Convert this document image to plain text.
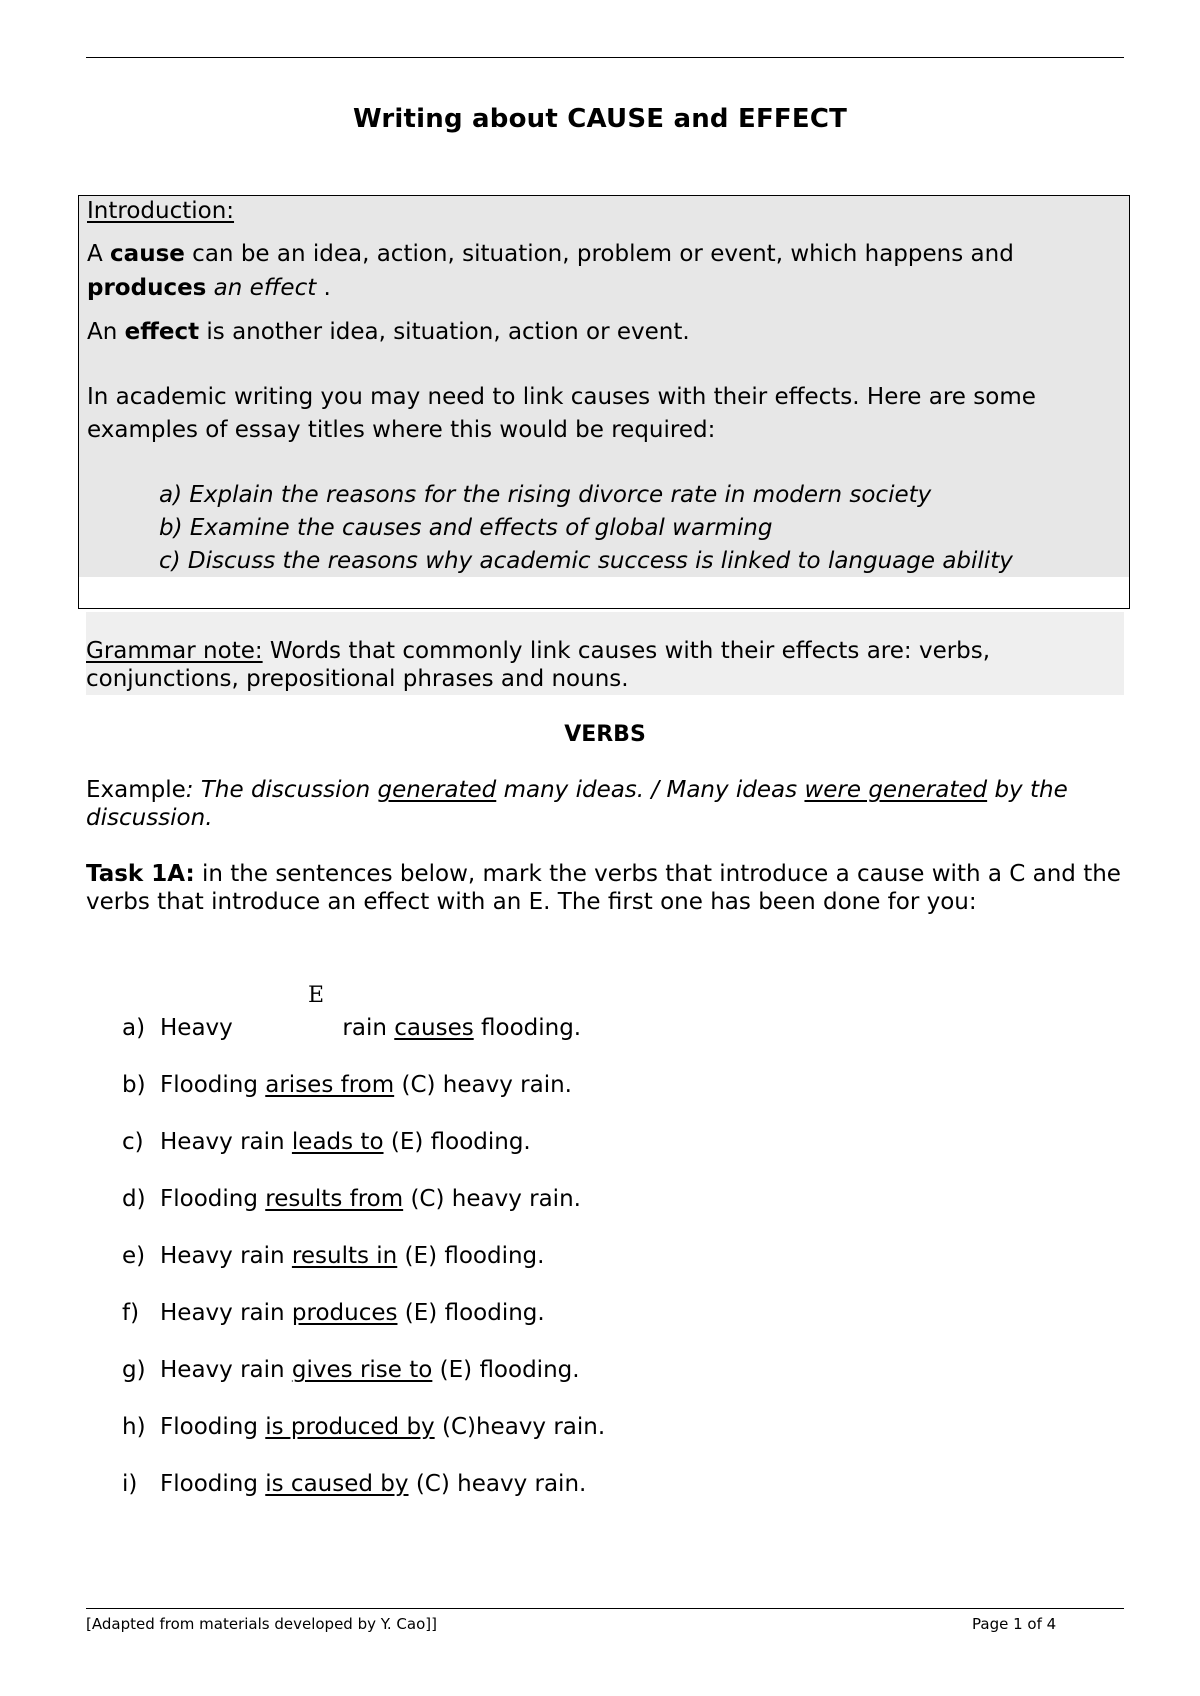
Writing about CAUSE and EFFECT
Introduction:
A cause can be an idea, action, situation, problem or event, which happens and
produces an effect .
An effect is another idea, situation, action or event.
In academic writing you may need to link causes with their effects. Here are some
examples of essay titles where this would be required:
a) Explain the reasons for the rising divorce rate in modern society
b) Examine the causes and effects of global warming
c) Discuss the reasons why academic success is linked to language ability
Grammar note: Words that commonly link causes with their effects are: verbs, conjunctions, prepositional phrases and nouns.
VERBS
Example: The discussion generated many ideas. / Many ideas were generated by the discussion.
Task 1A: in the sentences below, mark the verbs that introduce a cause with a C and the verbs that introduce an effect with an E. The first one has been done for you:
E
a) Heavy               rain causes flooding.
b) Flooding arises from (C) heavy rain.
c) Heavy rain leads to (E) flooding.
d) Flooding results from (C) heavy rain.
e) Heavy rain results in (E) flooding.
f) Heavy rain produces (E) flooding.
g) Heavy rain gives rise to (E) flooding.
h) Flooding is produced by (C)heavy rain.
i) Flooding is caused by (C) heavy rain.
[Adapted from materials developed by Y. Cao]]	Page 1 of 4
